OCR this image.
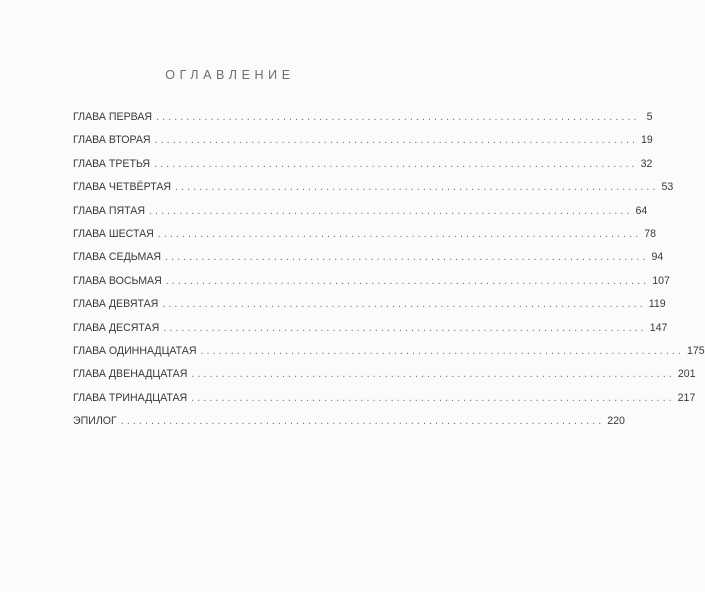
ОГЛАВЛЕНИЕ
ГЛАВА ПЕРВАЯ ................................................................................ 5
ГЛАВА ВТОРАЯ ................................................................................ 19
ГЛАВА ТРЕТЬЯ ................................................................................ 32
ГЛАВА ЧЕТВЁРТАЯ ................................................................................ 53
ГЛАВА ПЯТАЯ ................................................................................ 64
ГЛАВА ШЕСТАЯ ................................................................................ 78
ГЛАВА СЕДЬМАЯ ................................................................................ 94
ГЛАВА ВОСЬМАЯ ................................................................................ 107
ГЛАВА ДЕВЯТАЯ ................................................................................ 119
ГЛАВА ДЕСЯТАЯ ................................................................................ 147
ГЛАВА ОДИННАДЦАТАЯ ................................................................................ 175
ГЛАВА ДВЕНАДЦАТАЯ ................................................................................ 201
ГЛАВА ТРИНАДЦАТАЯ ................................................................................ 217
ЭПИЛОГ ................................................................................ 220
